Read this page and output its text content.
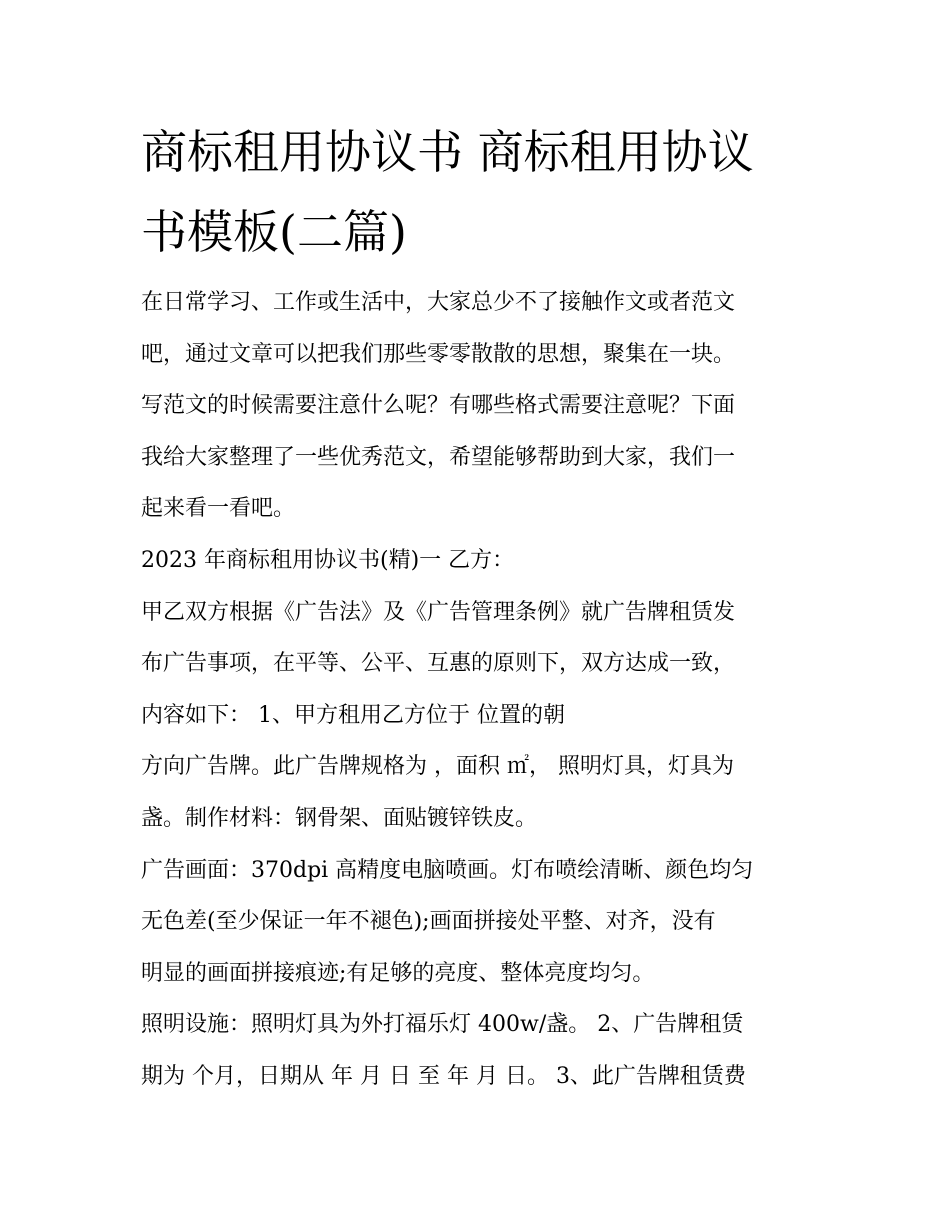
商标租用协议书 商标租用协议
书模板(二篇)

在日常学习、工作或生活中，大家总少不了接触作文或者范文
吧，通过文章可以把我们那些零零散散的思想，聚集在一块。
写范文的时候需要注意什么呢？有哪些格式需要注意呢？下面
我给大家整理了一些优秀范文，希望能够帮助到大家，我们一
起来看一看吧。

2023 年商标租用协议书(精)一 乙方：

甲乙双方根据《广告法》及《广告管理条例》就广告牌租赁发
布广告事项，在平等、公平、互惠的原则下，双方达成一致，
内容如下： 1、甲方租用乙方位于 位置的朝

方向广告牌。此广告牌规格为 ，面积 ㎡， 照明灯具，灯具为
盏。制作材料：钢骨架、面贴镀锌铁皮。

广告画面：370dpi 高精度电脑喷画。灯布喷绘清晰、颜色均匀
无色差(至少保证一年不褪色);画面拼接处平整、对齐，没有
明显的画面拼接痕迹;有足够的亮度、整体亮度均匀。

照明设施：照明灯具为外打福乐灯 400w/盏。 2、广告牌租赁
期为 个月，日期从 年 月 日 至 年 月 日。 3、此广告牌租赁费
